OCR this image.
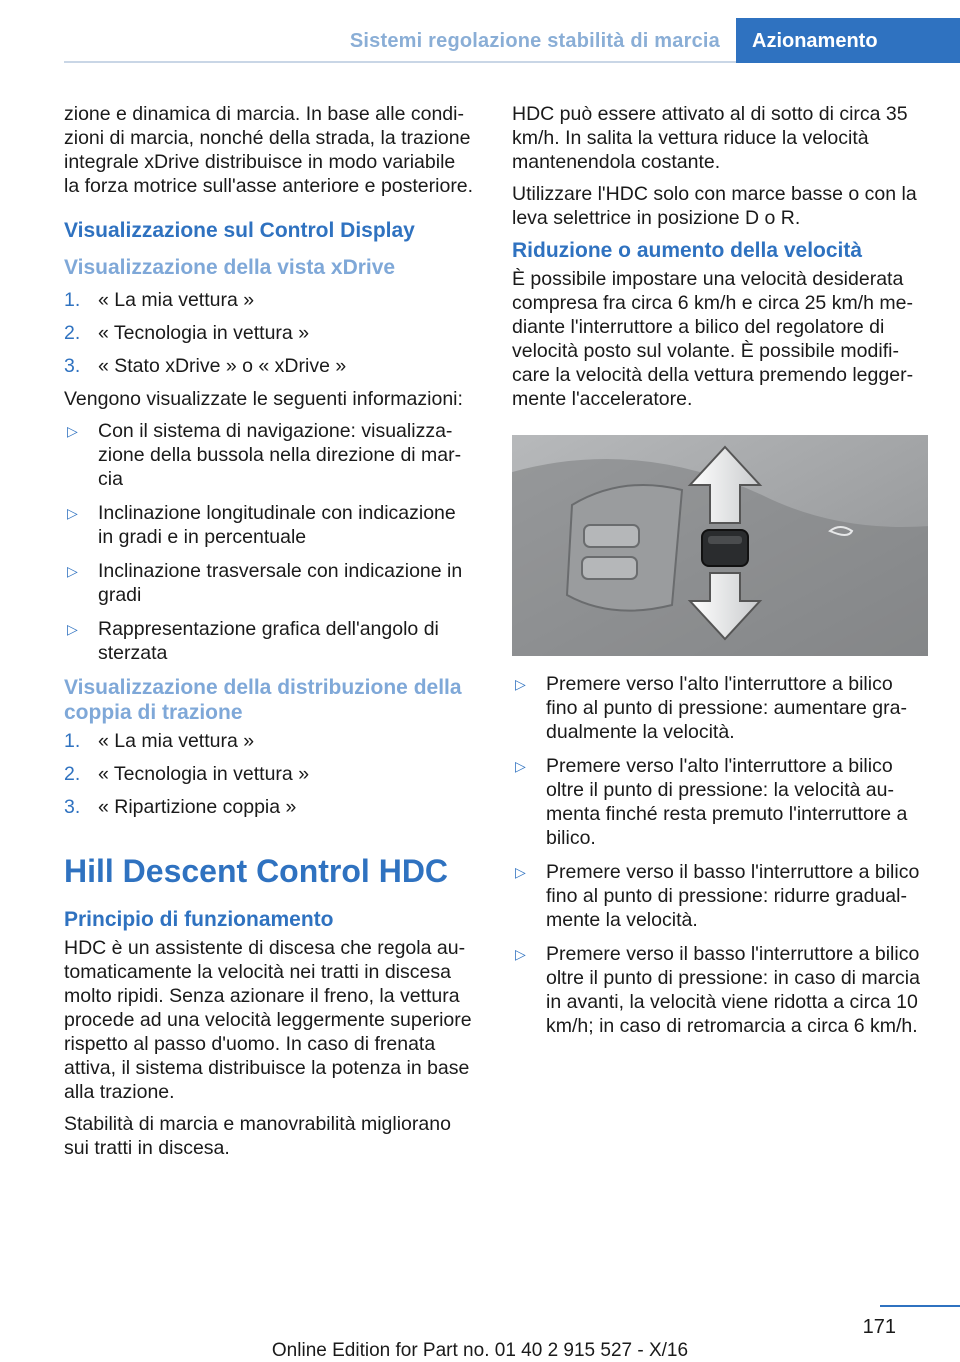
Sistemi regolazione stabilità di marcia	Azionamento

zione e dinamica di marcia. In base alle condizioni di marcia, nonché della strada, la trazione integrale xDrive distribuisce in modo variabile la forza motrice sull'asse anteriore e posteriore.

Visualizzazione sul Control Display
Visualizzazione della vista xDrive
1. « La mia vettura »
2. « Tecnologia in vettura »
3. « Stato xDrive » o « xDrive »

Vengono visualizzate le seguenti informazioni:

▷ Con il sistema di navigazione: visualizzazione della bussola nella direzione di marcia
▷ Inclinazione longitudinale con indicazione in gradi e in percentuale
▷ Inclinazione trasversale con indicazione in gradi
▷ Rappresentazione grafica dell'angolo di sterzata
Visualizzazione della distribuzione della coppia di trazione
1. « La mia vettura »
2. « Tecnologia in vettura »
3. « Ripartizione coppia »
Hill Descent Control HDC
Principio di funzionamento

HDC è un assistente di discesa che regola automaticamente la velocità nei tratti in discesa molto ripidi. Senza azionare il freno, la vettura procede ad una velocità leggermente superiore rispetto al passo d'uomo. In caso di frenata attiva, il sistema distribuisce la potenza in base alla trazione.

Stabilità di marcia e manovrabilità migliorano sui tratti in discesa.

HDC può essere attivato al di sotto di circa 35 km/h. In salita la vettura riduce la velocità mantenendola costante.

Utilizzare l'HDC solo con marce basse o con la leva selettrice in posizione D o R.

Riduzione o aumento della velocità

È possibile impostare una velocità desiderata compresa fra circa 6 km/h e circa 25 km/h mediante l'interruttore a bilico del regolatore di velocità posto sul volante. È possibile modificare la velocità della vettura premendo leggermente l'acceleratore.

▷ Premere verso l'alto l'interruttore a bilico fino al punto di pressione: aumentare gradualmente la velocità.
▷ Premere verso l'alto l'interruttore a bilico oltre il punto di pressione: la velocità aumenta finché resta premuto l'interruttore a bilico.
▷ Premere verso il basso l'interruttore a bilico fino al punto di pressione: ridurre gradualmente la velocità.
▷ Premere verso il basso l'interruttore a bilico oltre il punto di pressione: in caso di marcia in avanti, la velocità viene ridotta a circa 10 km/h; in caso di retromarcia a circa 6 km/h.
171
Online Edition for Part no. 01 40 2 915 527 - X/16
